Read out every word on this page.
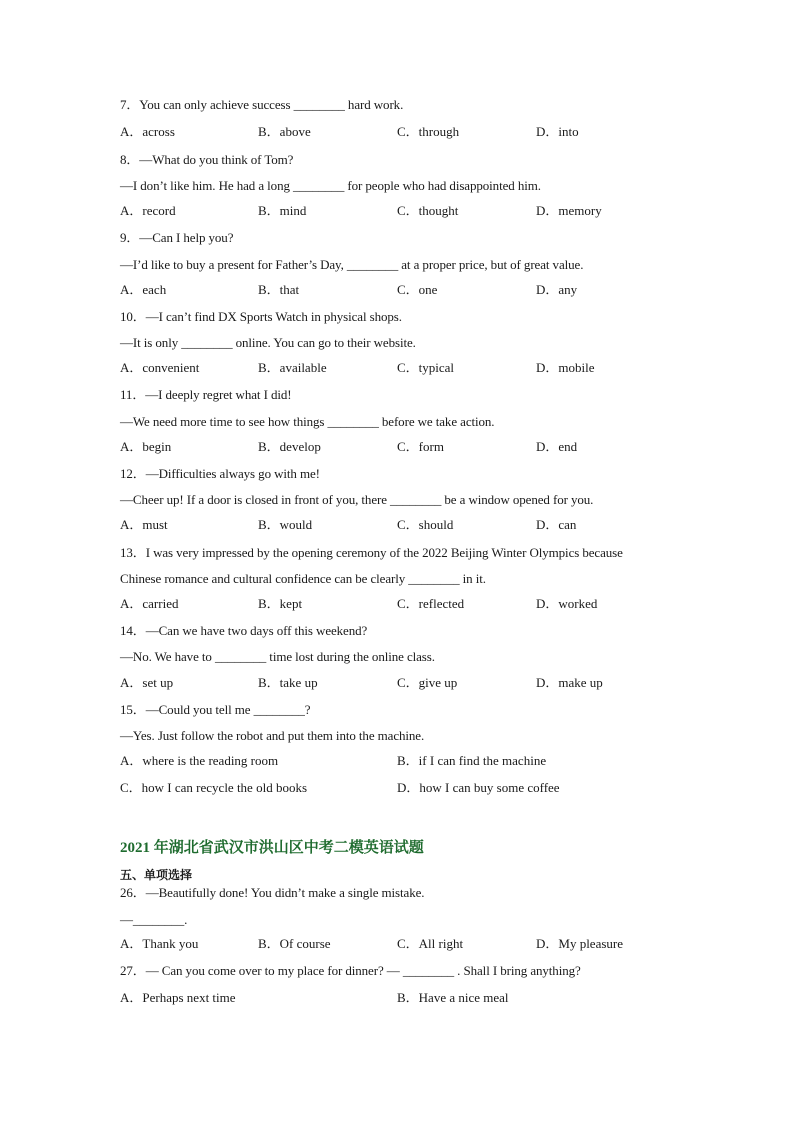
7．You can only achieve success ________ hard work.
A．across	B．above	C．through	D．into
8．—What do you think of Tom?
—I don’t like him. He had a long ________ for people who had disappointed him.
A．record	B．mind	C．thought	D．memory
9．—Can I help you?
—I’d like to buy a present for Father’s Day, ________ at a proper price, but of great value.
A．each	B．that	C．one	D．any
10．—I can’t find DX Sports Watch in physical shops.
—It is only ________ online. You can go to their website.
A．convenient	B．available	C．typical	D．mobile
11．—I deeply regret what I did!
—We need more time to see how things ________ before we take action.
A．begin	B．develop	C．form	D．end
12．—Difficulties always go with me!
—Cheer up! If a door is closed in front of you, there ________ be a window opened for you.
A．must	B．would	C．should	D．can
13．I was very impressed by the opening ceremony of the 2022 Beijing Winter Olympics because
Chinese romance and cultural confidence can be clearly ________ in it.
A．carried	B．kept	C．reflected	D．worked
14．—Can we have two days off this weekend?
—No. We have to ________ time lost during the online class.
A．set up	B．take up	C．give up	D．make up
15．—Could you tell me ________?
—Yes. Just follow the robot and put them into the machine.
A．where is the reading room	B．if I can find the machine
C．how I can recycle the old books	D．how I can buy some coffee
2021 年湖北省武汉市洪山区中考二模英语试题
五、单项选择
26．—Beautifully done! You didn’t make a single mistake.
—________.
A．Thank you	B．Of course	C．All right	D．My pleasure
27．— Can you come over to my place for dinner? — ________ . Shall I bring anything?
A．Perhaps next time	B．Have a nice meal
